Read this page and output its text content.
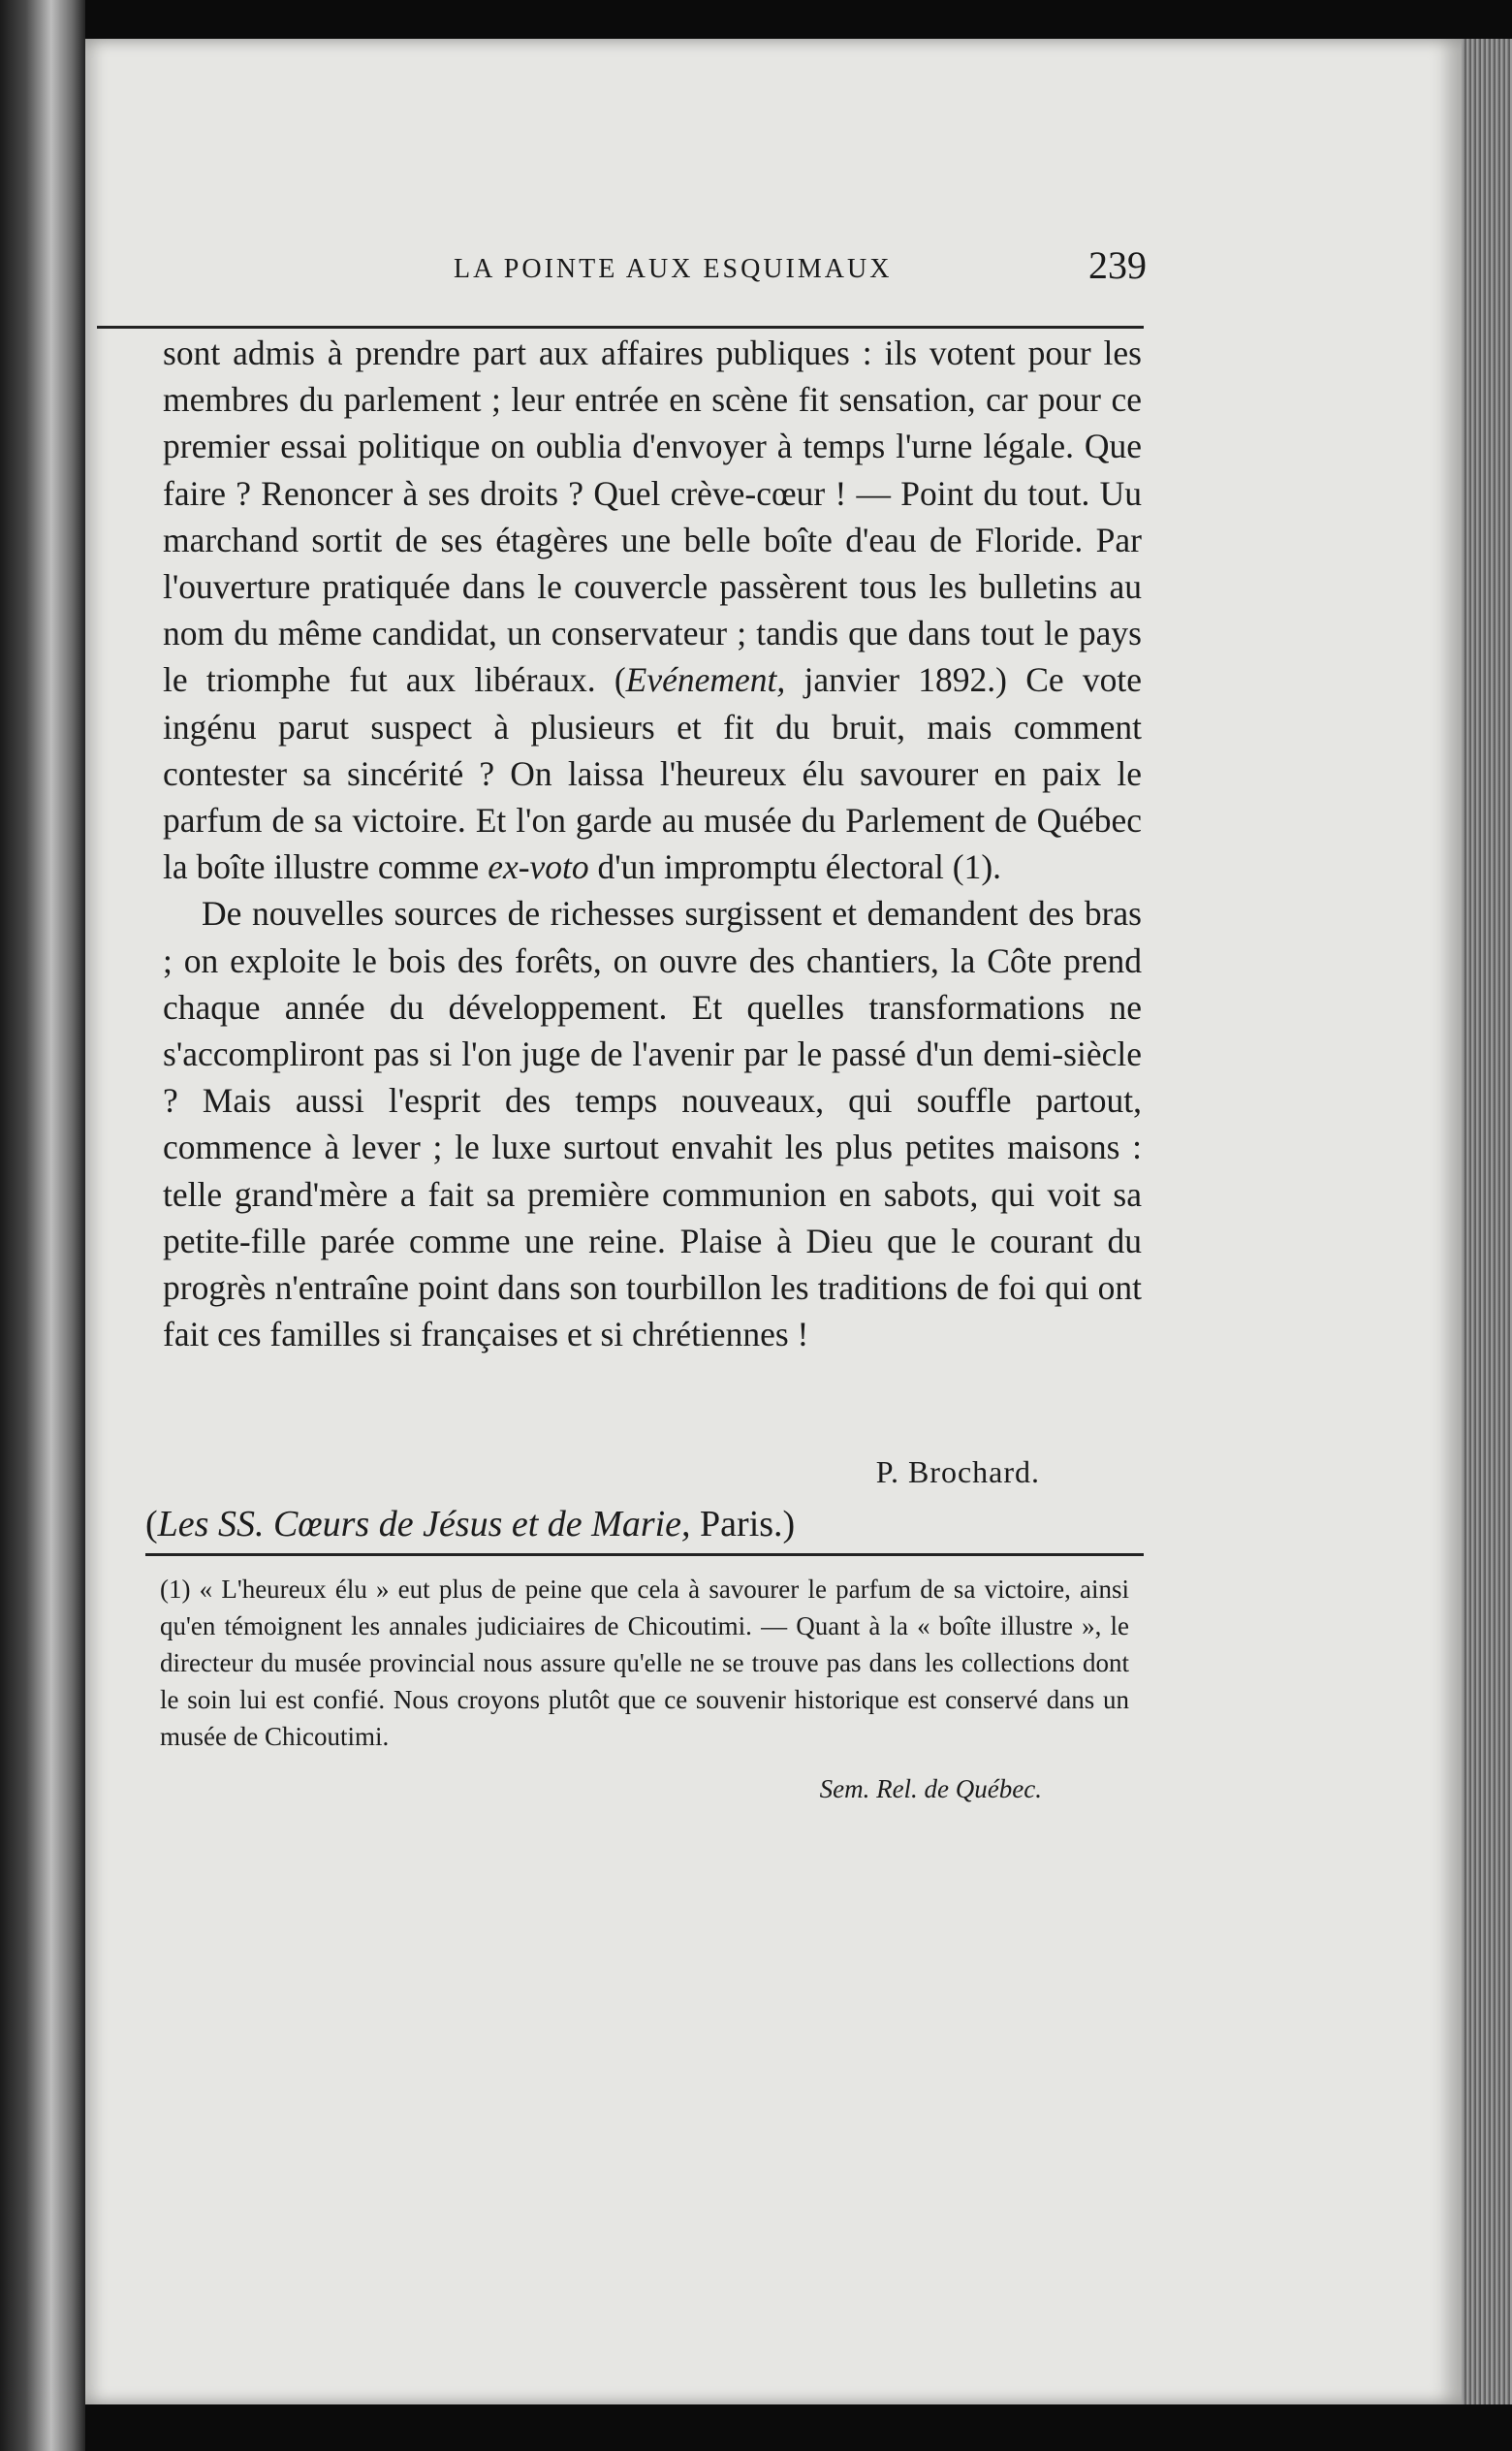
LA POINTE AUX ESQUIMAUX	239

sont admis à prendre part aux affaires publiques : ils votent pour les membres du parlement ; leur entrée en scène fit sensation, car pour ce premier essai politique on oublia d'envoyer à temps l'urne légale. Que faire ? Renoncer à ses droits ? Quel crève-cœur ! — Point du tout. Uu marchand sortit de ses étagères une belle boîte d'eau de Floride. Par l'ouverture pratiquée dans le couvercle passèrent tous les bulletins au nom du même candidat, un conservateur ; tandis que dans tout le pays le triomphe fut aux libéraux. (Evénement, janvier 1892.) Ce vote ingénu parut suspect à plusieurs et fit du bruit, mais comment contester sa sincérité ? On laissa l'heureux élu savourer en paix le parfum de sa victoire. Et l'on garde au musée du Parlement de Québec la boîte illustre comme ex-voto d'un impromptu électoral (1).

De nouvelles sources de richesses surgissent et demandent des bras ; on exploite le bois des forêts, on ouvre des chantiers, la Côte prend chaque année du développement. Et quelles transformations ne s'accompliront pas si l'on juge de l'avenir par le passé d'un demi-siècle ? Mais aussi l'esprit des temps nouveaux, qui souffle partout, commence à lever ; le luxe surtout envahit les plus petites maisons : telle grand'mère a fait sa première communion en sabots, qui voit sa petite-fille parée comme une reine. Plaise à Dieu que le courant du progrès n'entraîne point dans son tourbillon les traditions de foi qui ont fait ces familles si françaises et si chrétiennes !

P. Brochard.
(Les SS. Cœurs de Jésus et de Marie, Paris.)

(1) « L'heureux élu » eut plus de peine que cela à savourer le parfum de sa victoire, ainsi qu'en témoignent les annales judiciaires de Chicoutimi. — Quant à la « boîte illustre », le directeur du musée provincial nous assure qu'elle ne se trouve pas dans les collections dont le soin lui est confié. Nous croyons plutôt que ce souvenir historique est conservé dans un musée de Chicoutimi.

Sem. Rel. de Québec.
